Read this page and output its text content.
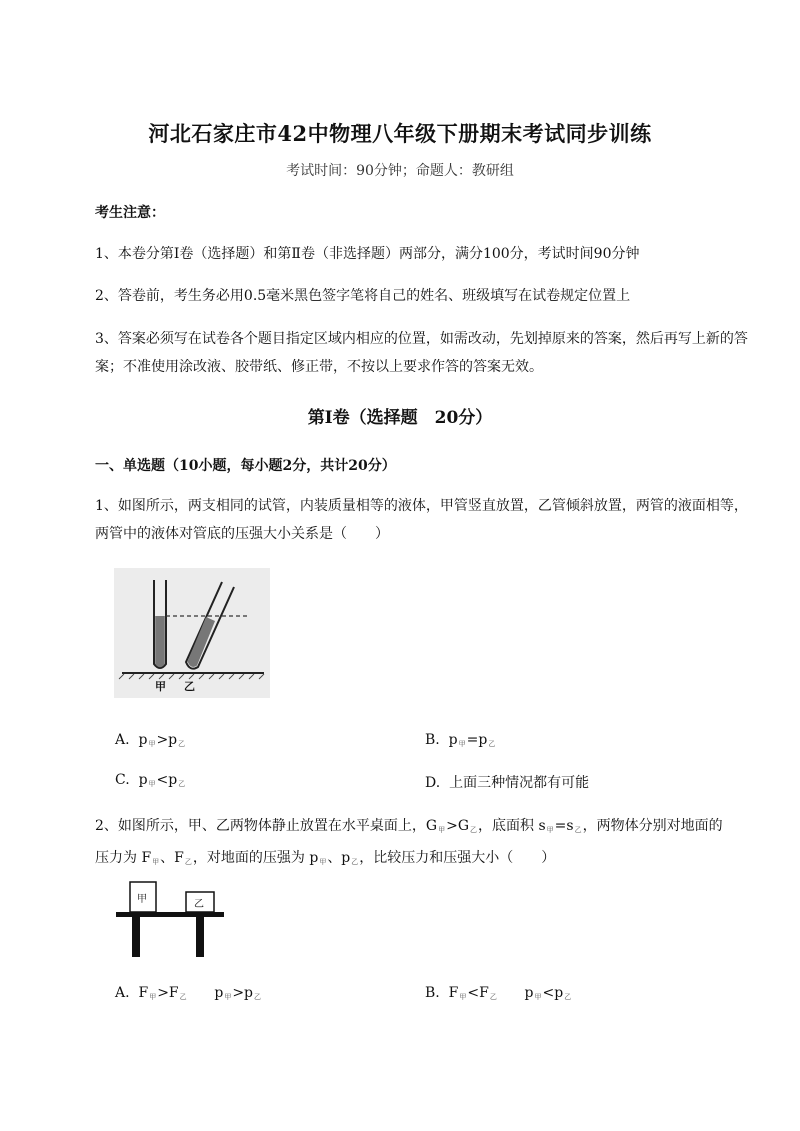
河北石家庄市42中物理八年级下册期末考试同步训练
考试时间：90分钟；命题人：教研组
考生注意：
1、本卷分第I卷（选择题）和第Ⅱ卷（非选择题）两部分，满分100分，考试时间90分钟
2、答卷前，考生务必用0.5毫米黑色签字笔将自己的姓名、班级填写在试卷规定位置上
3、答案必须写在试卷各个题目指定区域内相应的位置，如需改动，先划掉原来的答案，然后再写上新的答案；不准使用涂改液、胶带纸、修正带，不按以上要求作答的答案无效。
第I卷（选择题　20分）
一、单选题（10小题，每小题2分，共计20分）
1、如图所示，两支相同的试管，内装质量相等的液体，甲管竖直放置，乙管倾斜放置，两管的液面相等，两管中的液体对管底的压强大小关系是（　　）
甲 乙
A. $p_甲>p_乙$	B. $p_甲=p_乙$
C. $p_甲<p_乙$	D. 上面三种情况都有可能
2、如图所示，甲、乙两物体静止放置在水平桌面上，$G_甲>G_乙$，底面积 $s_甲=s_乙$，两物体分别对地面的
压力为 $F_甲$、$F_乙$，对地面的压强为 $p_甲$、$p_乙$，比较压力和压强大小（　　）
甲	乙
A. $F_甲>F_乙$ $p_甲>p_乙$	B. $F_甲<F_乙$ $p_甲<p_乙$
